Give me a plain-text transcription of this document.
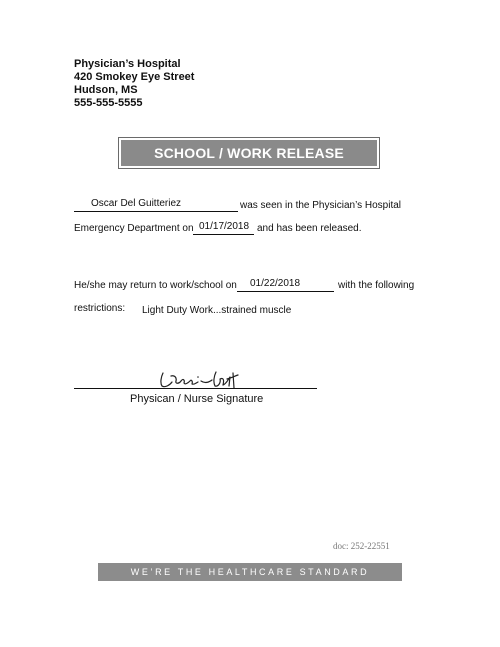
Physician’s Hospital
420 Smokey Eye Street
Hudson, MS
555-555-5555
SCHOOL / WORK RELEASE
Oscar Del Guitteriez	was seen in the Physician’s Hospital
Emergency Department on 01/17/2018 and has been released.
He/she may return to work/school on	01/22/2018	with the following
restrictions: Light Duty Work...strained muscle
Physican / Nurse Signature
doc: 252-22551
WE’RE THE HEALTHCARE STANDARD
